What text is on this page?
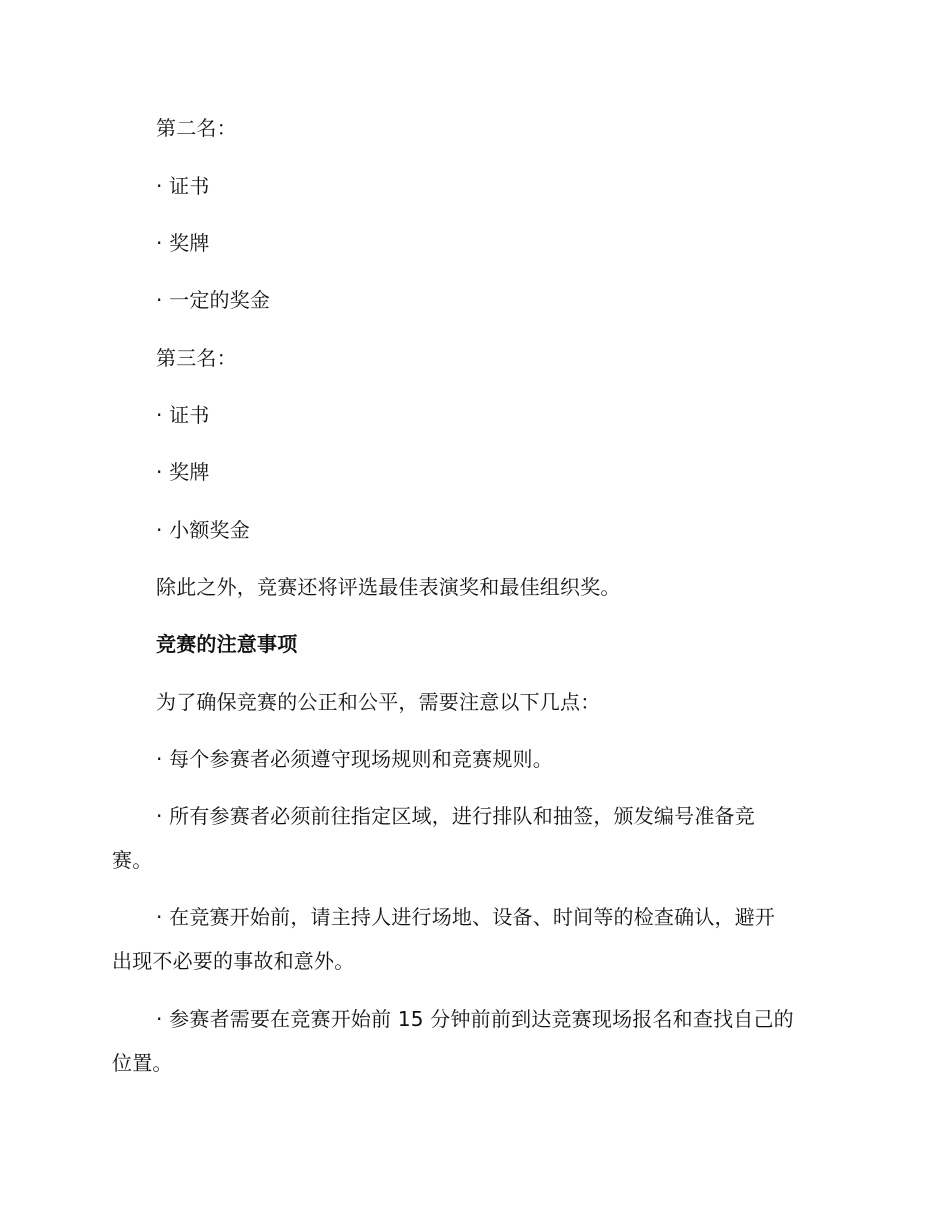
第二名：

· 证书

· 奖牌

· 一定的奖金

第三名：

· 证书

· 奖牌

· 小额奖金

除此之外，竞赛还将评选最佳表演奖和最佳组织奖。

竞赛的注意事项

为了确保竞赛的公正和公平，需要注意以下几点：

· 每个参赛者必须遵守现场规则和竞赛规则。

· 所有参赛者必须前往指定区域，进行排队和抽签，颁发编号准备竞

赛。

· 在竞赛开始前，请主持人进行场地、设备、时间等的检查确认，避开

出现不必要的事故和意外。

· 参赛者需要在竞赛开始前 15 分钟前前到达竞赛现场报名和查找自己的

位置。
